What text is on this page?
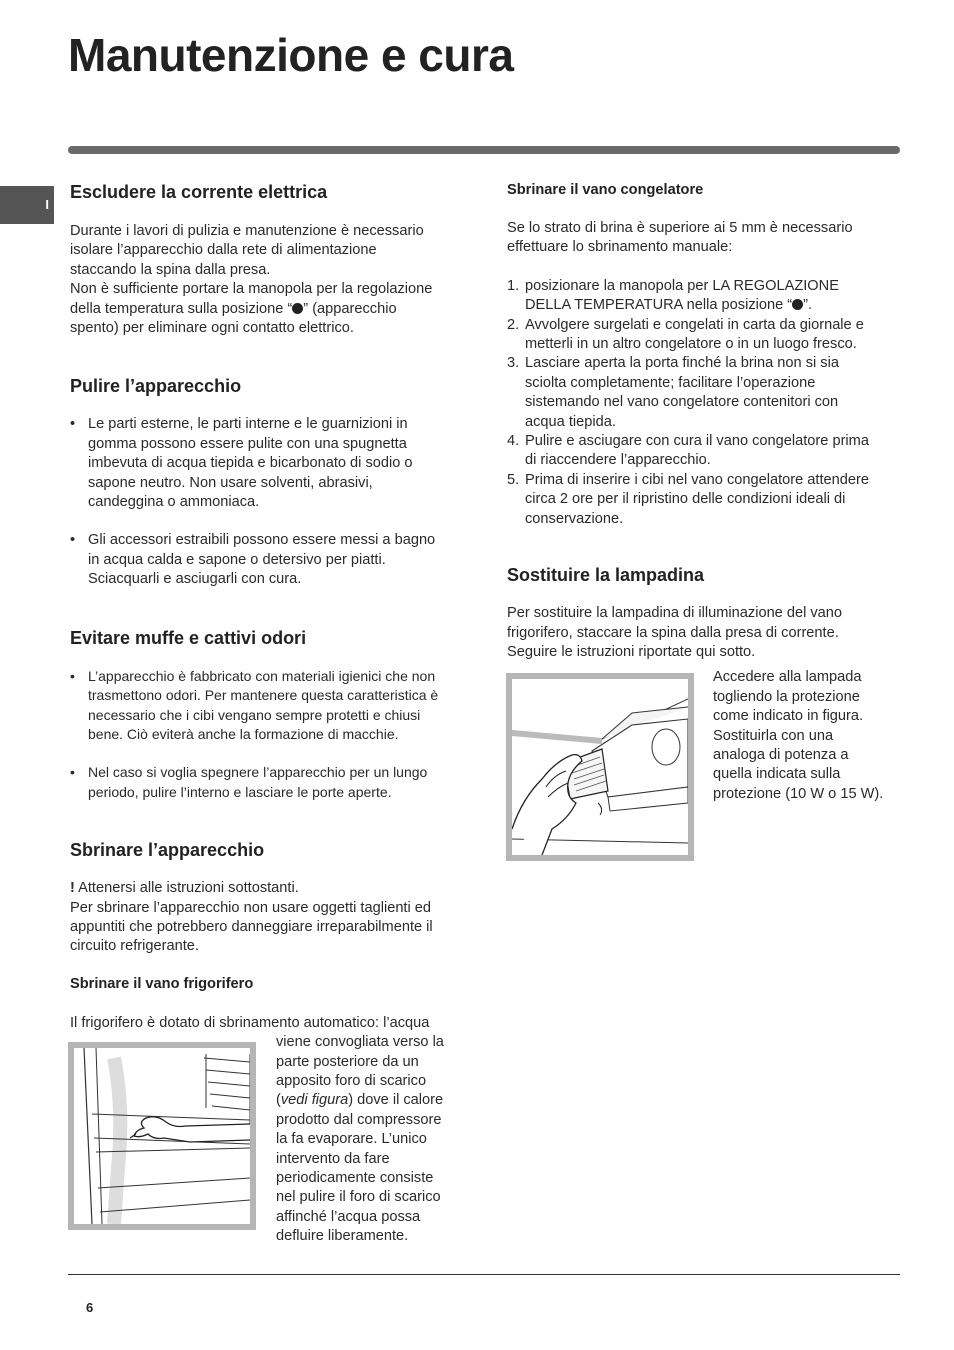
Manutenzione e cura
I
Escludere la corrente elettrica

Durante i lavori di pulizia e manutenzione è necessario
isolare l’apparecchio dalla rete di alimentazione
staccando la spina dalla presa.
Non è sufficiente portare la manopola per la regolazione
della temperatura sulla posizione “ ” (apparecchio
spento) per eliminare ogni contatto elettrico.

Pulire l’apparecchio
• Le parti esterne, le parti interne e le guarnizioni in
gomma possono essere pulite con una spugnetta
imbevuta di acqua tiepida e bicarbonato di sodio o
sapone neutro. Non usare solventi, abrasivi,
candeggina o ammoniaca.
• Gli accessori estraibili possono essere messi a bagno
in acqua calda e sapone o detersivo per piatti.
Sciacquarli e asciugarli con cura.
Evitare muffe e cattivi odori
• L’apparecchio è fabbricato con materiali igienici che non
trasmettono odori. Per mantenere questa caratteristica è
necessario che i cibi vengano sempre protetti e chiusi
bene. Ciò eviterà anche la formazione di macchie.
• Nel caso si voglia spegnere l’apparecchio per un lungo
periodo, pulire l’interno e lasciare le porte aperte.
Sbrinare l’apparecchio

! Attenersi alle istruzioni sottostanti.
Per sbrinare l’apparecchio non usare oggetti taglienti ed
appuntiti che potrebbero danneggiare irreparabilmente il
circuito refrigerante.

Sbrinare il vano frigorifero

Il frigorifero è dotato di sbrinamento automatico: l’acqua

viene convogliata verso la
parte posteriore da un
apposito foro di scarico
(vedi figura) dove il calore
prodotto dal compressore
la fa evaporare. L’unico
intervento da fare
periodicamente consiste
nel pulire il foro di scarico
affinché l’acqua possa
defluire liberamente.
Sbrinare il vano congelatore

Se lo strato di brina è superiore ai 5 mm è necessario
effettuare lo sbrinamento manuale:

1. posizionare la manopola per LA REGOLAZIONE
DELLA TEMPERATURA nella posizione “ ”.
2. Avvolgere surgelati e congelati in carta da giornale e
metterli in un altro congelatore o in un luogo fresco.
3. Lasciare aperta la porta finché la brina non si sia
sciolta completamente; facilitare l’operazione
sistemando nel vano congelatore contenitori con
acqua tiepida.
4. Pulire e asciugare con cura il vano congelatore prima
di riaccendere l’apparecchio.
5. Prima di inserire i cibi nel vano congelatore attendere
circa 2 ore per il ripristino delle condizioni ideali di
conservazione.
Sostituire la lampadina

Per sostituire la lampadina di illuminazione del vano
frigorifero, staccare la spina dalla presa di corrente.
Seguire le istruzioni riportate qui sotto.

Accedere alla lampada
togliendo la protezione
come indicato in figura.
Sostituirla con una
analoga di potenza a
quella indicata sulla
protezione (10 W o 15 W).
6
